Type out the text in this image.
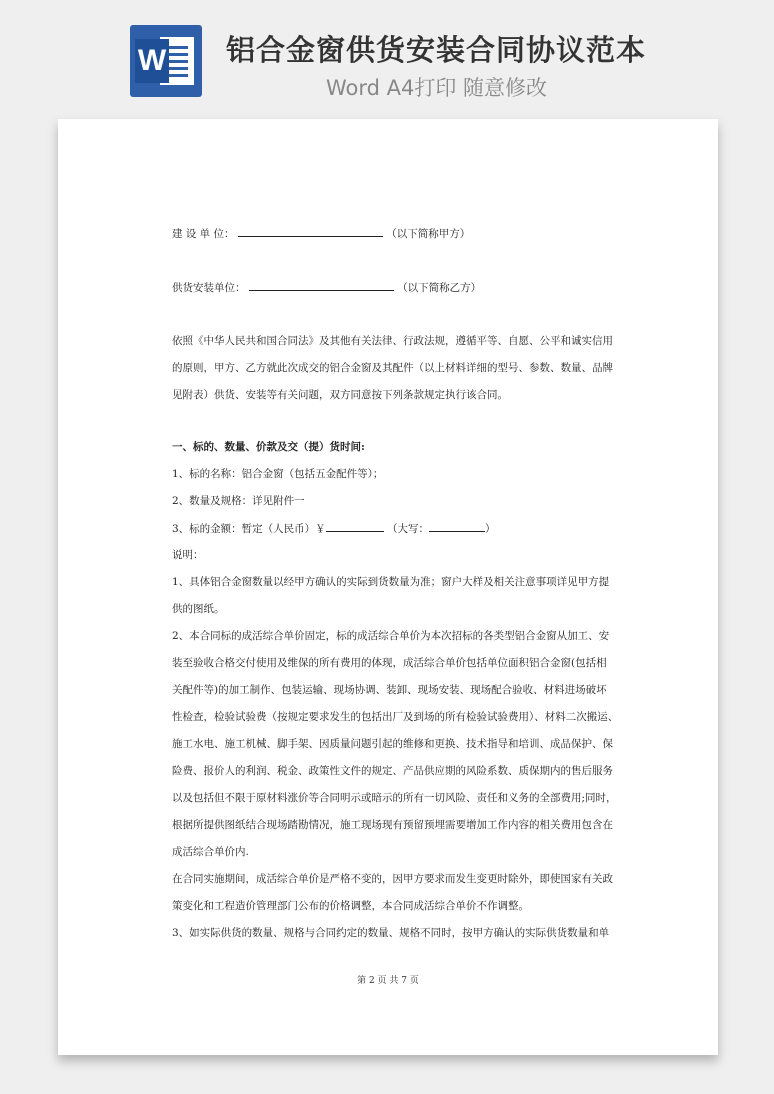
W 铝合金窗供货安装合同协议范本
Word A4打印 随意修改
建 设 单 位：	（以下简称甲方）
供货安装单位：	（以下简称乙方）
依照《中华人民共和国合同法》及其他有关法律、行政法规，遵循平等、自愿、公平和诚实信用
的原则，甲方、乙方就此次成交的铝合金窗及其配件（以上材料详细的型号、参数、数量、品牌
见附表）供货、安装等有关问题，双方同意按下列条款规定执行该合同。
一、标的、数量、价款及交（提）货时间:
1、标的名称：铝合金窗（包括五金配件等）；
2、数量及规格：详见附件一
3、标的金额：暂定（人民币）￥	（大写：	）
说明：
1、具体铝合金窗数量以经甲方确认的实际到货数量为准；窗户大样及相关注意事项详见甲方提
供的图纸。
2、本合同标的成活综合单价固定，标的成活综合单价为本次招标的各类型铝合金窗从加工、安
装至验收合格交付使用及维保的所有费用的体现，成活综合单价包括单位面积铝合金窗(包括相
关配件等)的加工制作、包装运输、现场协调、装卸、现场安装、现场配合验收、材料进场破坏
性检查，检验试验费（按规定要求发生的包括出厂及到场的所有检验试验费用）、材料二次搬运、
施工水电、施工机械、脚手架、因质量问题引起的维修和更换、技术指导和培训、成品保护、保
险费、报价人的利润、税金、政策性文件的规定、产品供应期的风险系数、质保期内的售后服务
以及包括但不限于原材料涨价等合同明示或暗示的所有一切风险、责任和义务的全部费用;同时，
根据所提供图纸结合现场踏勘情况，施工现场现有预留预埋需要增加工作内容的相关费用包含在
成活综合单价内.
在合同实施期间，成活综合单价是严格不变的，因甲方要求而发生变更时除外，即使国家有关政
策变化和工程造价管理部门公布的价格调整，本合同成活综合单价不作调整。
3、如实际供货的数量、规格与合同约定的数量、规格不同时，按甲方确认的实际供货数量和单
第 2 页 共 7 页
